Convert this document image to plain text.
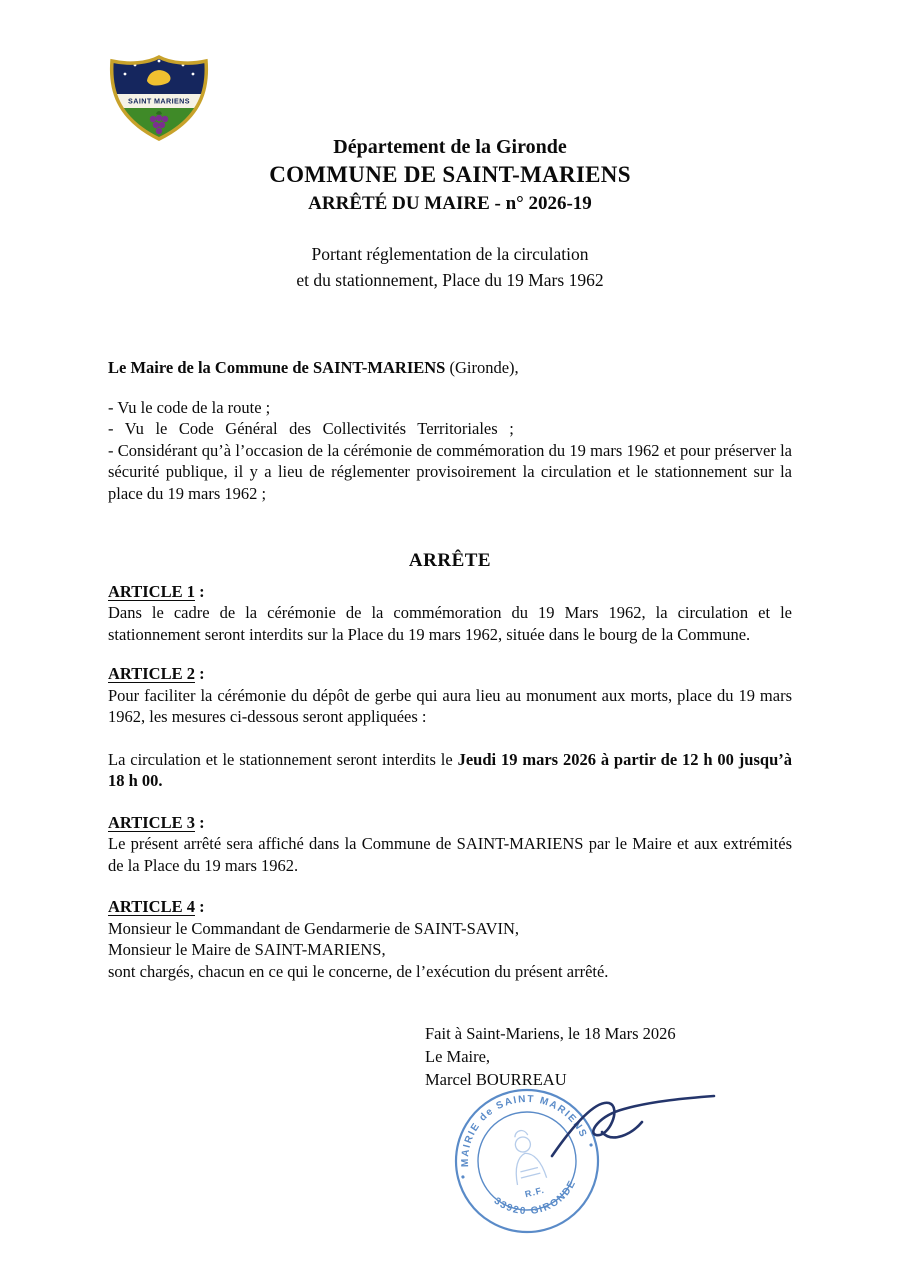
SAINT MARIENS
Département de la Gironde
COMMUNE DE SAINT-MARIENS
ARRÊTÉ DU MAIRE - n° 2026-19
Portant réglementation de la circulation
et du stationnement, Place du 19 Mars 1962

Le Maire de la Commune de SAINT-MARIENS (Gironde),

- Vu le code de la route ;

- Vu le Code Général des Collectivités Territoriales ;

- Considérant qu’à l’occasion de la cérémonie de commémoration du 19 mars 1962 et pour préserver la sécurité publique, il y a lieu de réglementer provisoirement la circulation et le stationnement sur la place du 19 mars 1962 ;

ARRÊTE

ARTICLE 1 :

Dans le cadre de la cérémonie de la commémoration du 19 Mars 1962, la circulation et le stationnement seront interdits sur la Place du 19 mars 1962, située dans le bourg de la Commune.

ARTICLE 2 :

Pour faciliter la cérémonie du dépôt de gerbe qui aura lieu au monument aux morts, place du 19 mars 1962, les mesures ci-dessous seront appliquées :

La circulation et le stationnement seront interdits le Jeudi 19 mars 2026 à partir de 12 h 00 jusqu’à 18 h 00.

ARTICLE 3 :

Le présent arrêté sera affiché dans la Commune de SAINT-MARIENS par le Maire et aux extrémités de la Place du 19 mars 1962.

ARTICLE 4 :

Monsieur le Commandant de Gendarmerie de SAINT-SAVIN,

Monsieur le Maire de SAINT-MARIENS,

sont chargés, chacun en ce qui le concerne, de l’exécution du présent arrêté.

Fait à Saint-Mariens, le 18 Mars 2026
Le Maire,
Marcel BOURREAU
MAIRIE de SAINT MARIENS
33920 GIRONDE
R.F.
